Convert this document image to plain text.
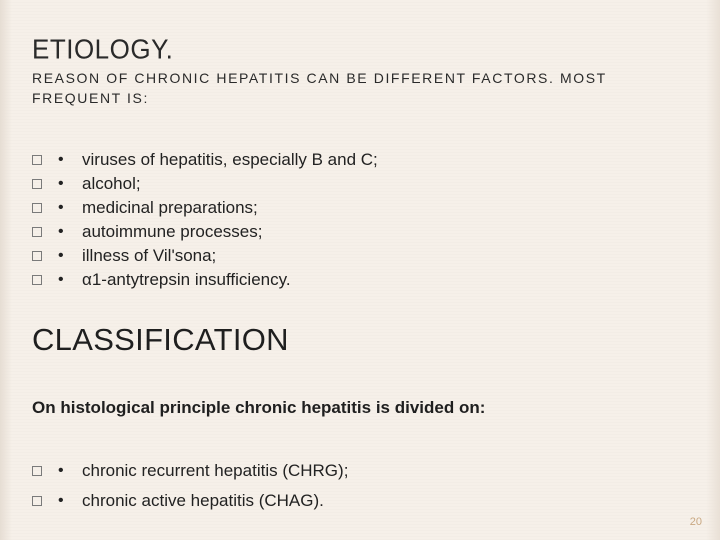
ETIOLOGY.
REASON OF CHRONIC HEPATITIS CAN BE DIFFERENT FACTORS. MOST FREQUENT IS:
• viruses of hepatitis, especially B and C;
• alcohol;
• medicinal preparations;
• autoimmune processes;
• illness of Vil'sona;
• α1-antytrepsin insufficiency.
CLASSIFICATION
On histological principle chronic hepatitis is divided on:
• chronic recurrent hepatitis (CHRG);
• chronic active hepatitis (CHAG).
20
